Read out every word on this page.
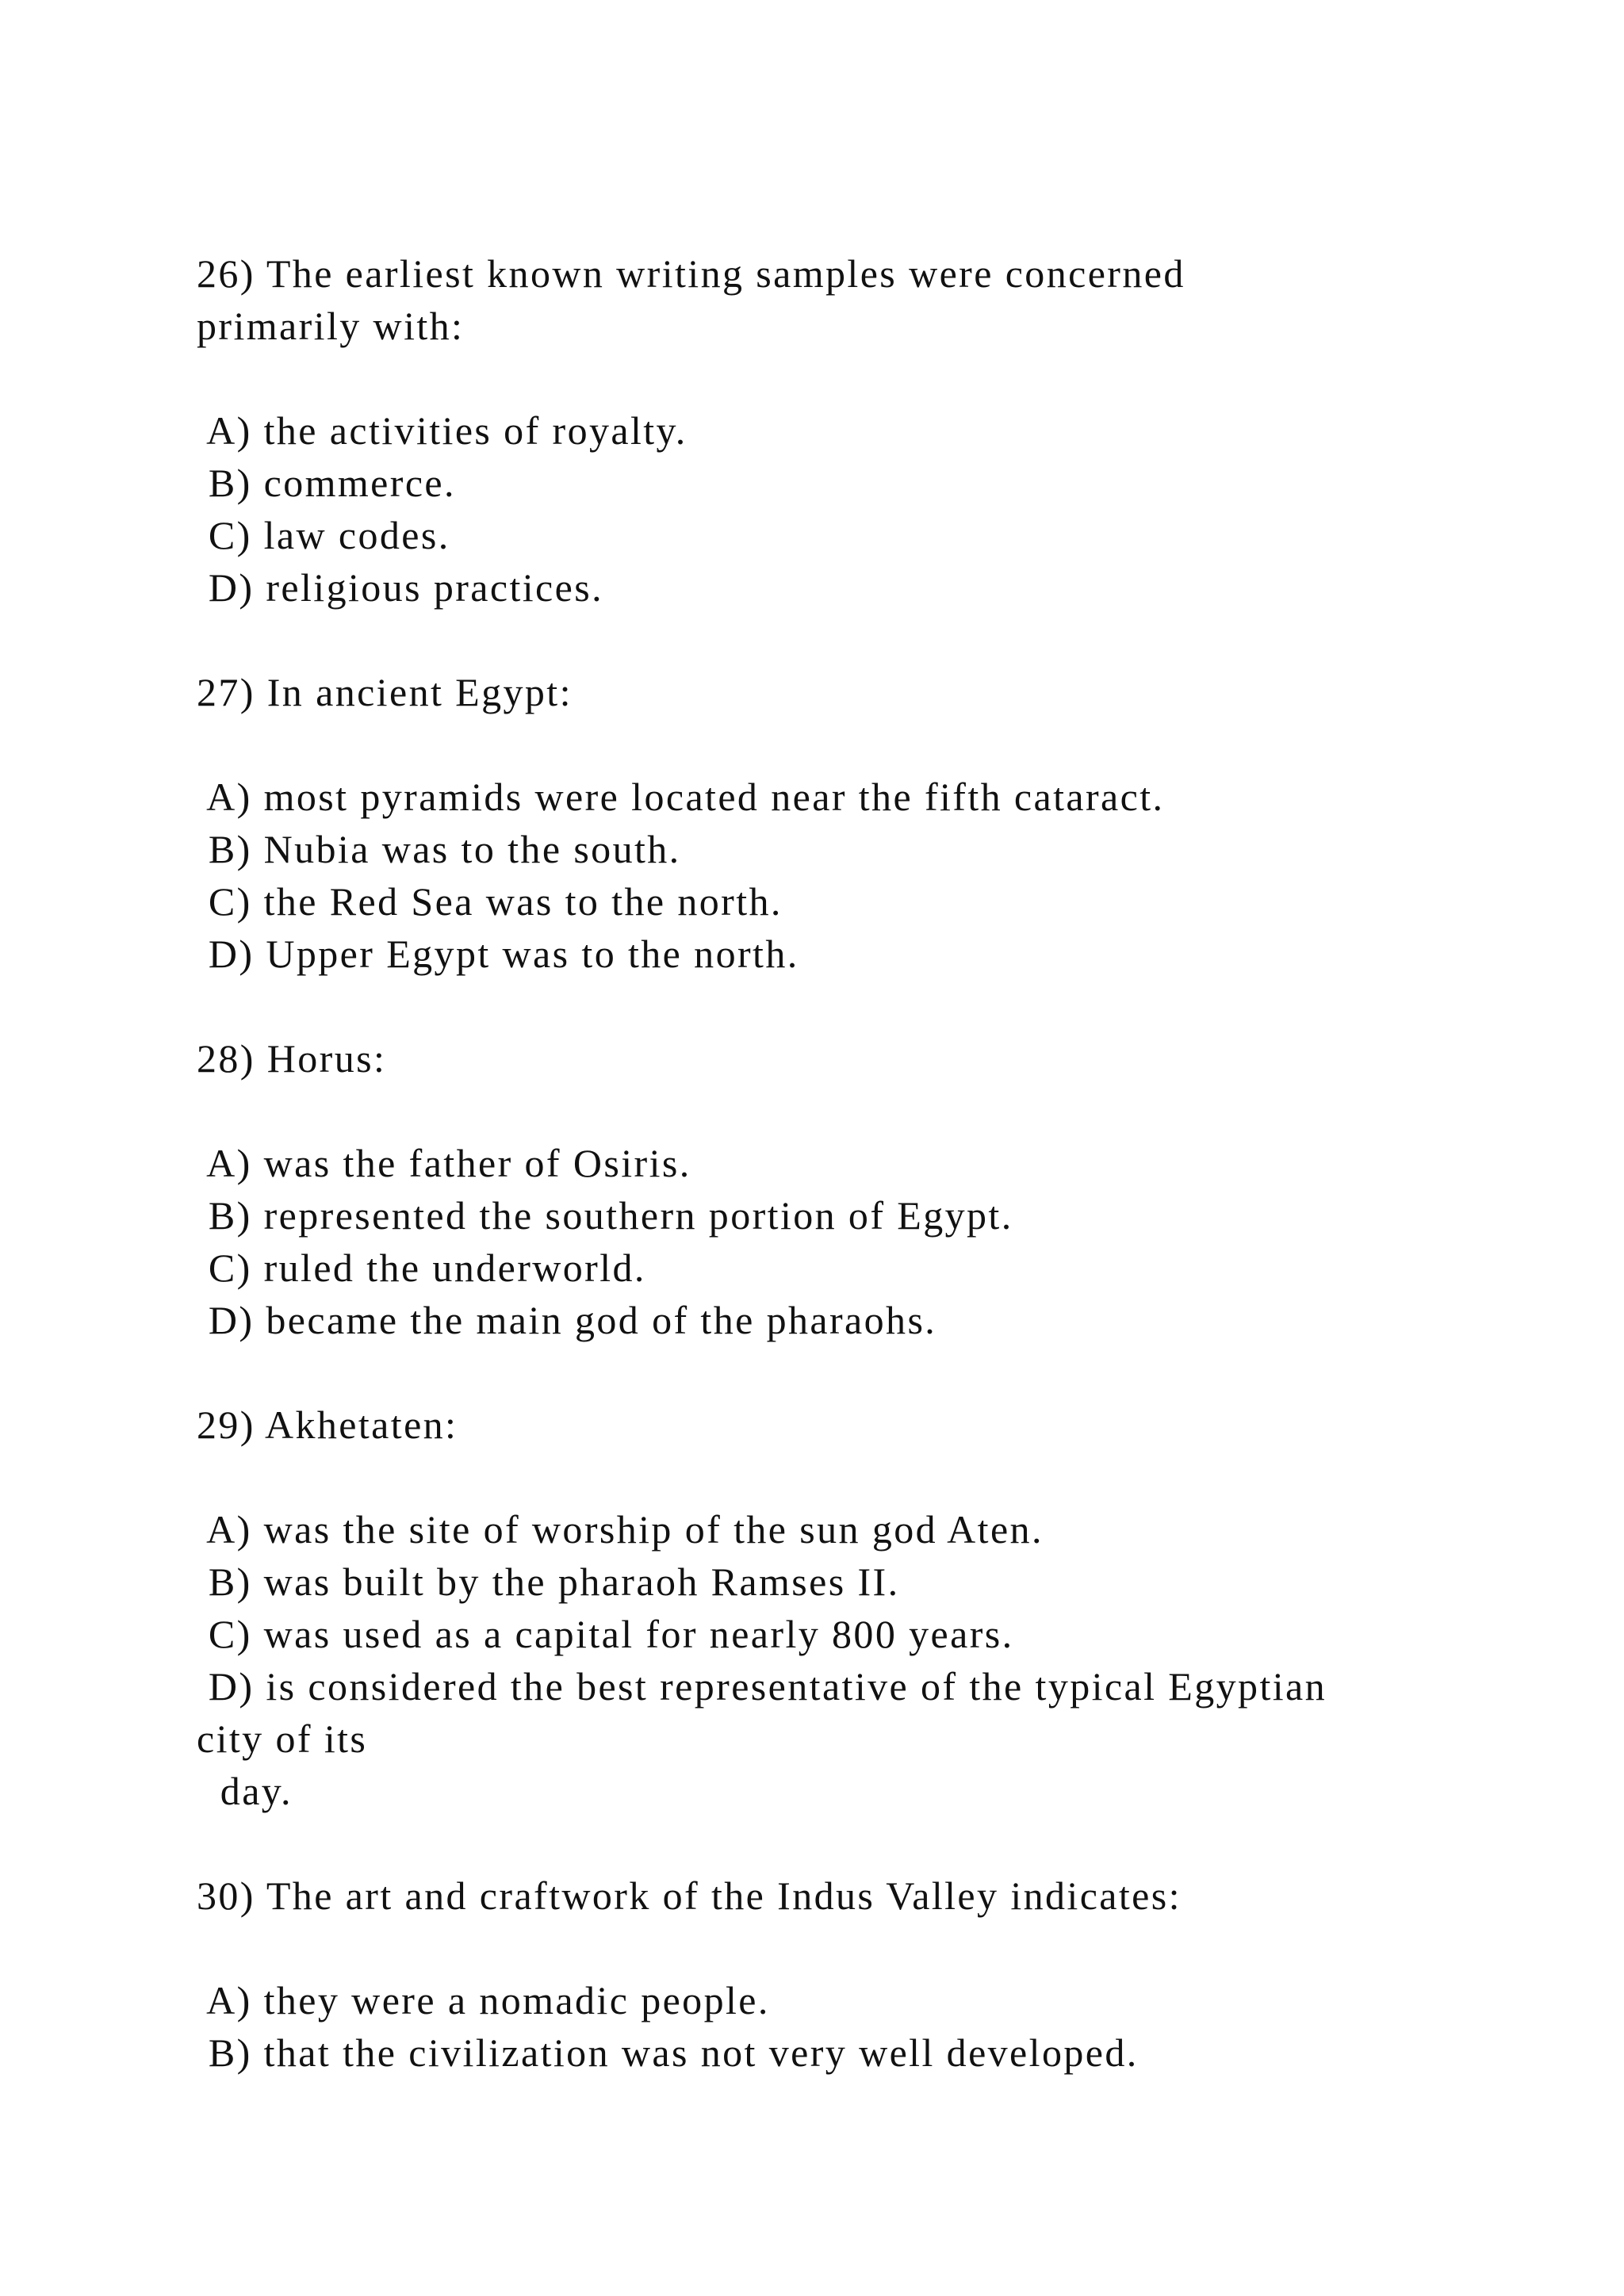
26) The earliest known writing samples were concerned
primarily with:
A) the activities of royalty.
B) commerce.
C) law codes.
D) religious practices.
27) In ancient Egypt:
A) most pyramids were located near the fifth cataract.
B) Nubia was to the south.
C) the Red Sea was to the north.
D) Upper Egypt was to the north.
28) Horus:
A) was the father of Osiris.
B) represented the southern portion of Egypt.
C) ruled the underworld.
D) became the main god of the pharaohs.
29) Akhetaten:
A) was the site of worship of the sun god Aten.
B) was built by the pharaoh Ramses II.
C) was used as a capital for nearly 800 years.
D) is considered the best representative of the typical Egyptian
city of its
day.
30) The art and craftwork of the Indus Valley indicates:
A) they were a nomadic people.
B) that the civilization was not very well developed.
